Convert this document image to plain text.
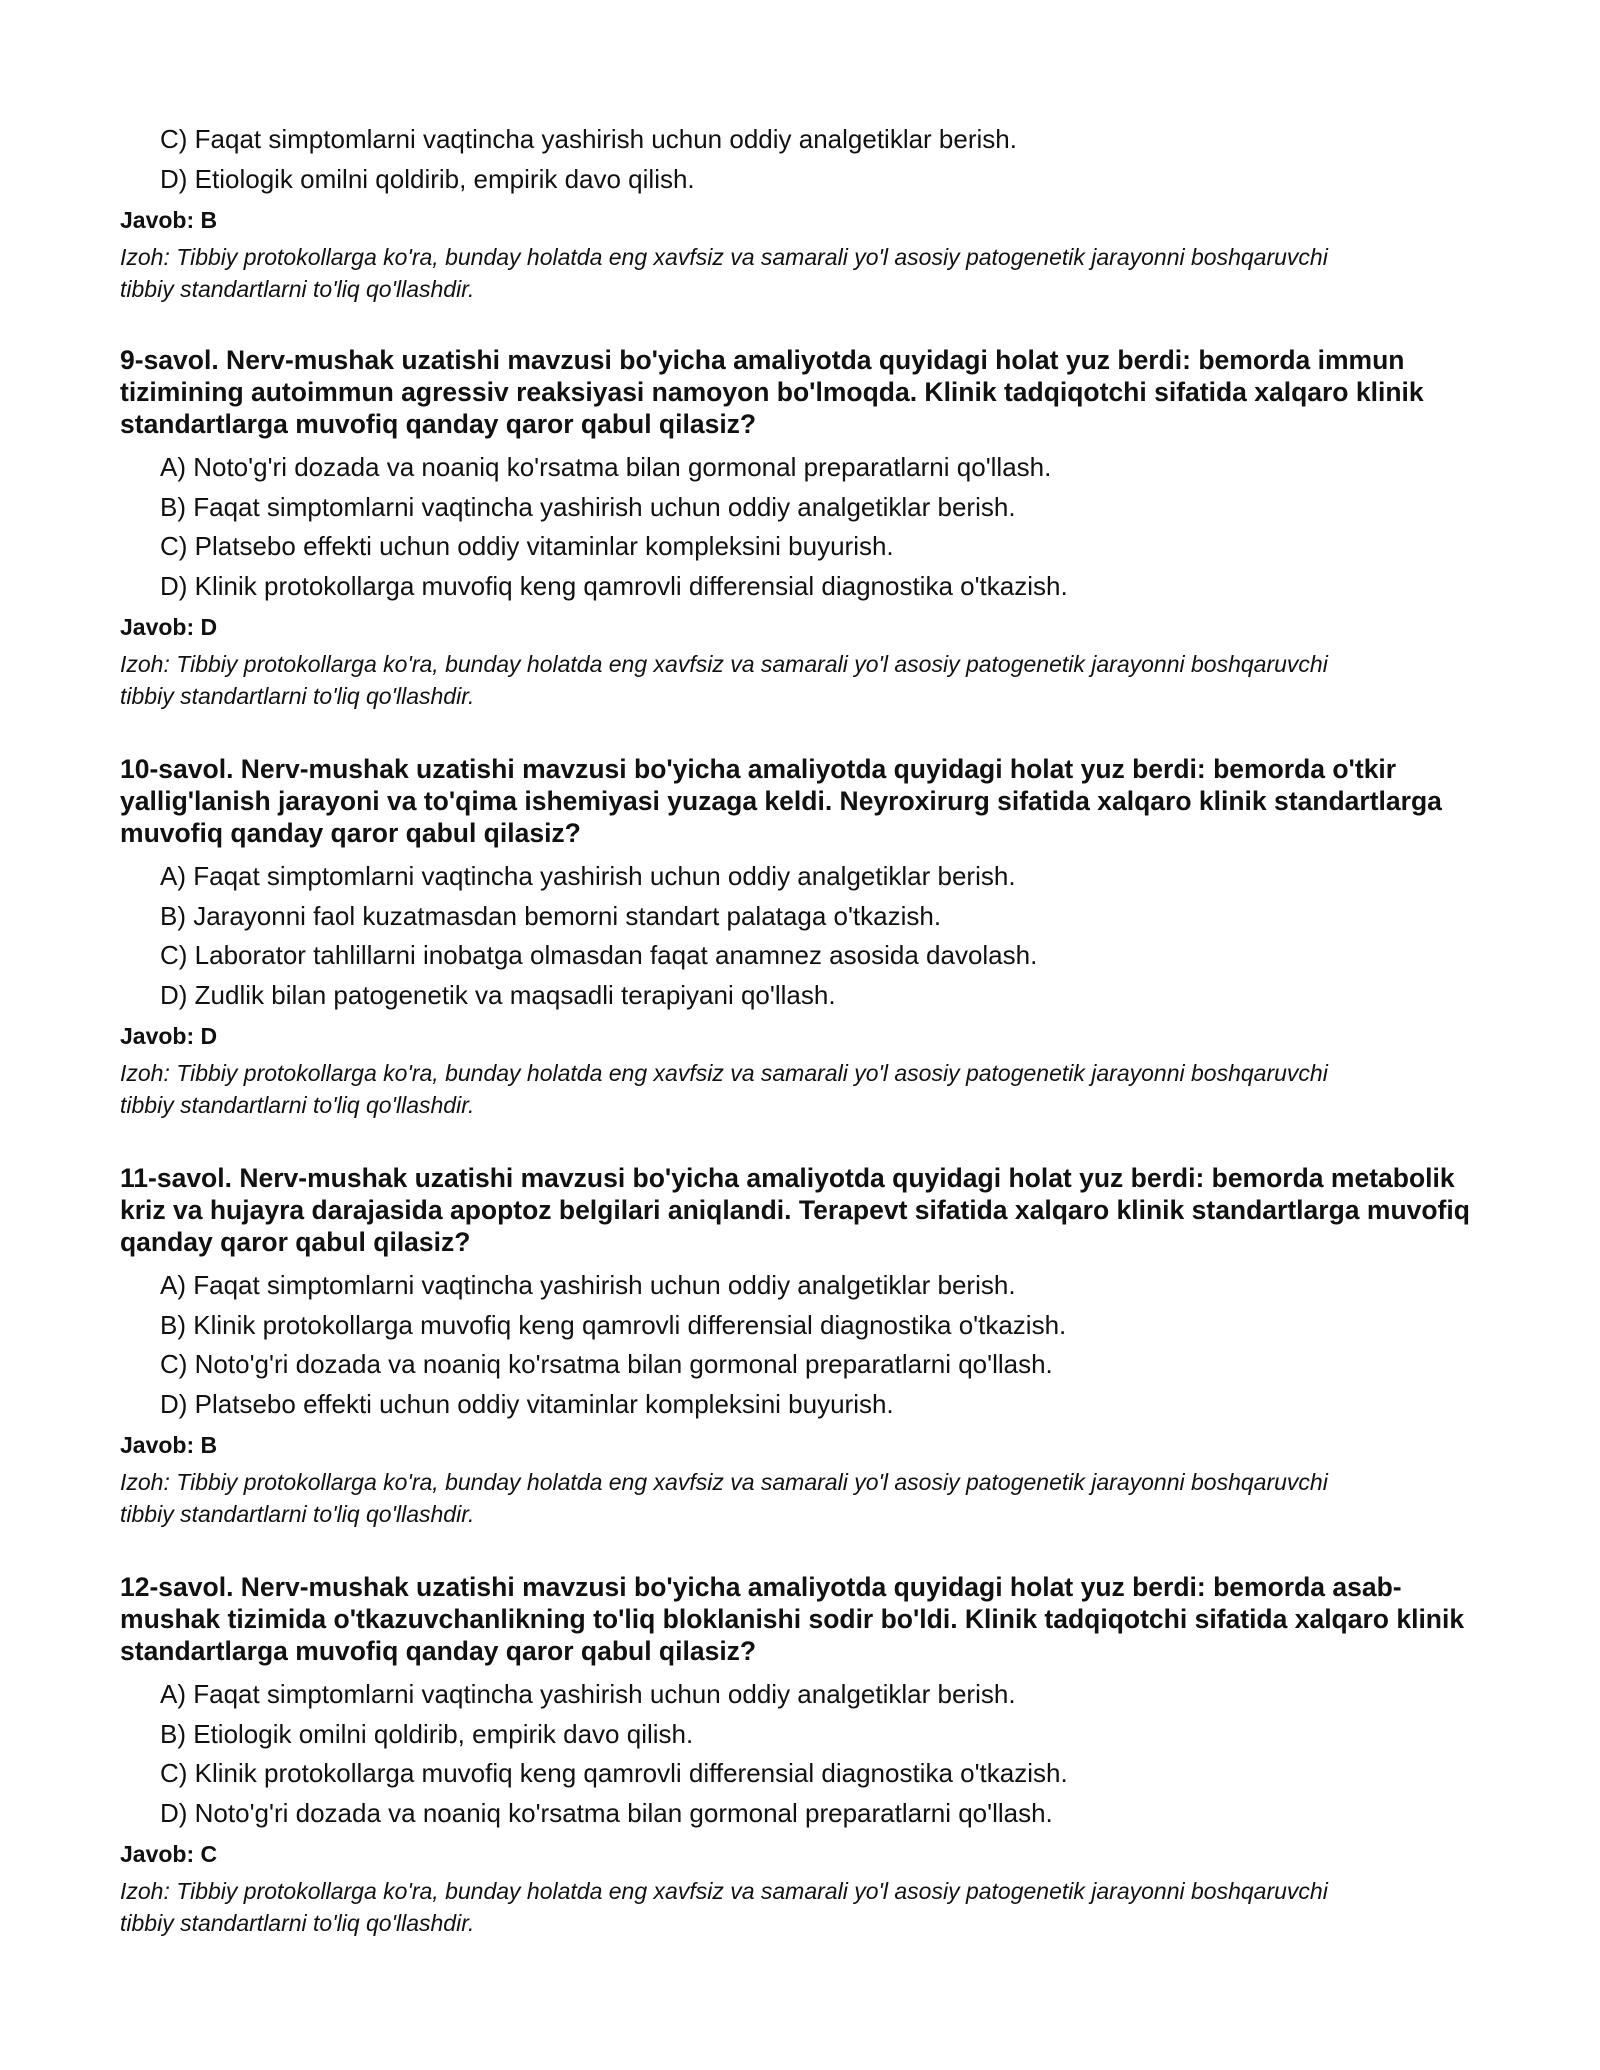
C) Faqat simptomlarni vaqtincha yashirish uchun oddiy analgetiklar berish.

D) Etiologik omilni qoldirib, empirik davo qilish.

Javob: B

Izoh: Tibbiy protokollarga ko'ra, bunday holatda eng xavfsiz va samarali yo'l asosiy patogenetik jarayonni boshqaruvchi tibbiy standartlarni to'liq qo'llashdir.

9-savol. Nerv-mushak uzatishi mavzusi bo'yicha amaliyotda quyidagi holat yuz berdi: bemorda immun tizimining autoimmun agressiv reaksiyasi namoyon bo'lmoqda. Klinik tadqiqotchi sifatida xalqaro klinik standartlarga muvofiq qanday qaror qabul qilasiz?

A) Noto'g'ri dozada va noaniq ko'rsatma bilan gormonal preparatlarni qo'llash.

B) Faqat simptomlarni vaqtincha yashirish uchun oddiy analgetiklar berish.

C) Platsebo effekti uchun oddiy vitaminlar kompleksini buyurish.

D) Klinik protokollarga muvofiq keng qamrovli differensial diagnostika o'tkazish.

Javob: D

Izoh: Tibbiy protokollarga ko'ra, bunday holatda eng xavfsiz va samarali yo'l asosiy patogenetik jarayonni boshqaruvchi tibbiy standartlarni to'liq qo'llashdir.

10-savol. Nerv-mushak uzatishi mavzusi bo'yicha amaliyotda quyidagi holat yuz berdi: bemorda o'tkir yallig'lanish jarayoni va to'qima ishemiyasi yuzaga keldi. Neyroxirurg sifatida xalqaro klinik standartlarga muvofiq qanday qaror qabul qilasiz?

A) Faqat simptomlarni vaqtincha yashirish uchun oddiy analgetiklar berish.

B) Jarayonni faol kuzatmasdan bemorni standart palataga o'tkazish.

C) Laborator tahlillarni inobatga olmasdan faqat anamnez asosida davolash.

D) Zudlik bilan patogenetik va maqsadli terapiyani qo'llash.

Javob: D

Izoh: Tibbiy protokollarga ko'ra, bunday holatda eng xavfsiz va samarali yo'l asosiy patogenetik jarayonni boshqaruvchi tibbiy standartlarni to'liq qo'llashdir.

11-savol. Nerv-mushak uzatishi mavzusi bo'yicha amaliyotda quyidagi holat yuz berdi: bemorda metabolik kriz va hujayra darajasida apoptoz belgilari aniqlandi. Terapevt sifatida xalqaro klinik standartlarga muvofiq qanday qaror qabul qilasiz?

A) Faqat simptomlarni vaqtincha yashirish uchun oddiy analgetiklar berish.

B) Klinik protokollarga muvofiq keng qamrovli differensial diagnostika o'tkazish.

C) Noto'g'ri dozada va noaniq ko'rsatma bilan gormonal preparatlarni qo'llash.

D) Platsebo effekti uchun oddiy vitaminlar kompleksini buyurish.

Javob: B

Izoh: Tibbiy protokollarga ko'ra, bunday holatda eng xavfsiz va samarali yo'l asosiy patogenetik jarayonni boshqaruvchi tibbiy standartlarni to'liq qo'llashdir.

12-savol. Nerv-mushak uzatishi mavzusi bo'yicha amaliyotda quyidagi holat yuz berdi: bemorda asab-mushak tizimida o'tkazuvchanlikning to'liq bloklanishi sodir bo'ldi. Klinik tadqiqotchi sifatida xalqaro klinik standartlarga muvofiq qanday qaror qabul qilasiz?

A) Faqat simptomlarni vaqtincha yashirish uchun oddiy analgetiklar berish.

B) Etiologik omilni qoldirib, empirik davo qilish.

C) Klinik protokollarga muvofiq keng qamrovli differensial diagnostika o'tkazish.

D) Noto'g'ri dozada va noaniq ko'rsatma bilan gormonal preparatlarni qo'llash.

Javob: C

Izoh: Tibbiy protokollarga ko'ra, bunday holatda eng xavfsiz va samarali yo'l asosiy patogenetik jarayonni boshqaruvchi tibbiy standartlarni to'liq qo'llashdir.
